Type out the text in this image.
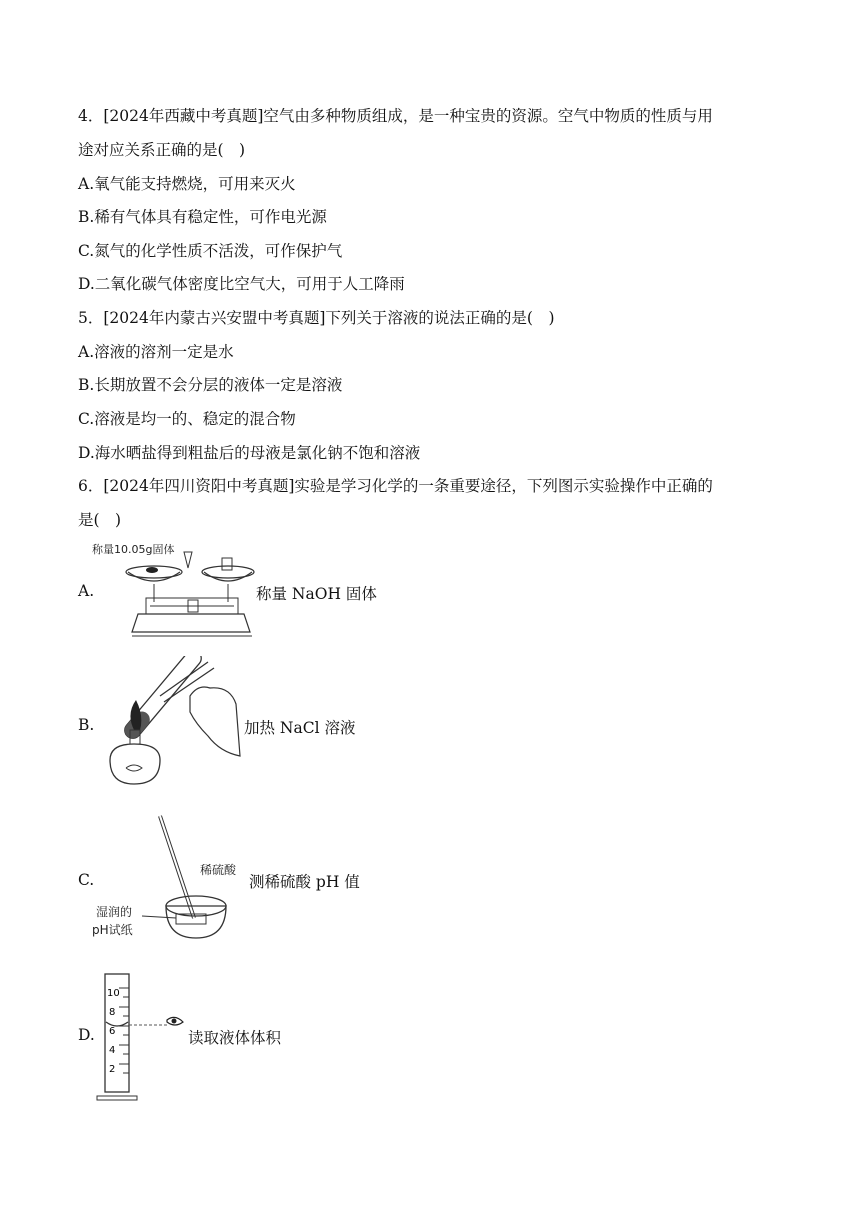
4．[2024年西藏中考真题]空气由多种物质组成，是一种宝贵的资源。空气中物质的性质与用
途对应关系正确的是(　)
A.氧气能支持燃烧，可用来灭火
B.稀有气体具有稳定性，可作电光源
C.氮气的化学性质不活泼，可作保护气
D.二氧化碳气体密度比空气大，可用于人工降雨
5．[2024年内蒙古兴安盟中考真题]下列关于溶液的说法正确的是(　)
A.溶液的溶剂一定是水
B.长期放置不会分层的液体一定是溶液
C.溶液是均一的、稳定的混合物
D.海水晒盐得到粗盐后的母液是氯化钠不饱和溶液
6．[2024年四川资阳中考真题]实验是学习化学的一条重要途径，下列图示实验操作中正确的
是(　)
A.
称量10.05g固体
称量 NaOH 固体
B.	加热 NaCl 溶液
C.
稀硫酸
湿润的
pH试纸
测稀硫酸 pH 值
D.
10
8
6
4
2
读取液体体积
